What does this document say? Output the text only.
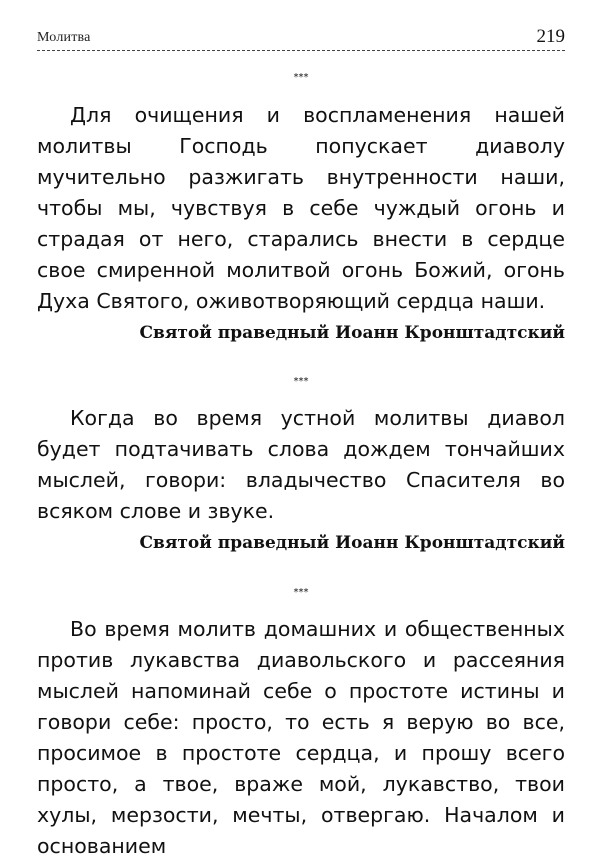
Молитва	219
***

Для очищения и воспламенения нашей молитвы Господь попускает диаволу мучительно разжигать внутренности наши, чтобы мы, чувствуя в себе чуждый огонь и страдая от него, старались внести в сердце свое смиренной молитвой огонь Божий, огонь Духа Святого, оживотворяющий сердца наши.

Святой праведный Иоанн Кронштадтский
***

Когда во время устной молитвы диавол будет подтачивать слова дождем тончайших мыслей, говори: владычество Спасителя во всяком слове и звуке.

Святой праведный Иоанн Кронштадтский
***

Во время молитв домашних и общественных против лукавства диавольского и рассеяния мыслей напоминай себе о простоте истины и говори себе: просто, то есть я верую во все, просимое в простоте сердца, и прошу всего просто, а твое, враже мой, лукавство, твои хулы, мерзости, мечты, отвергаю. Началом и основанием
